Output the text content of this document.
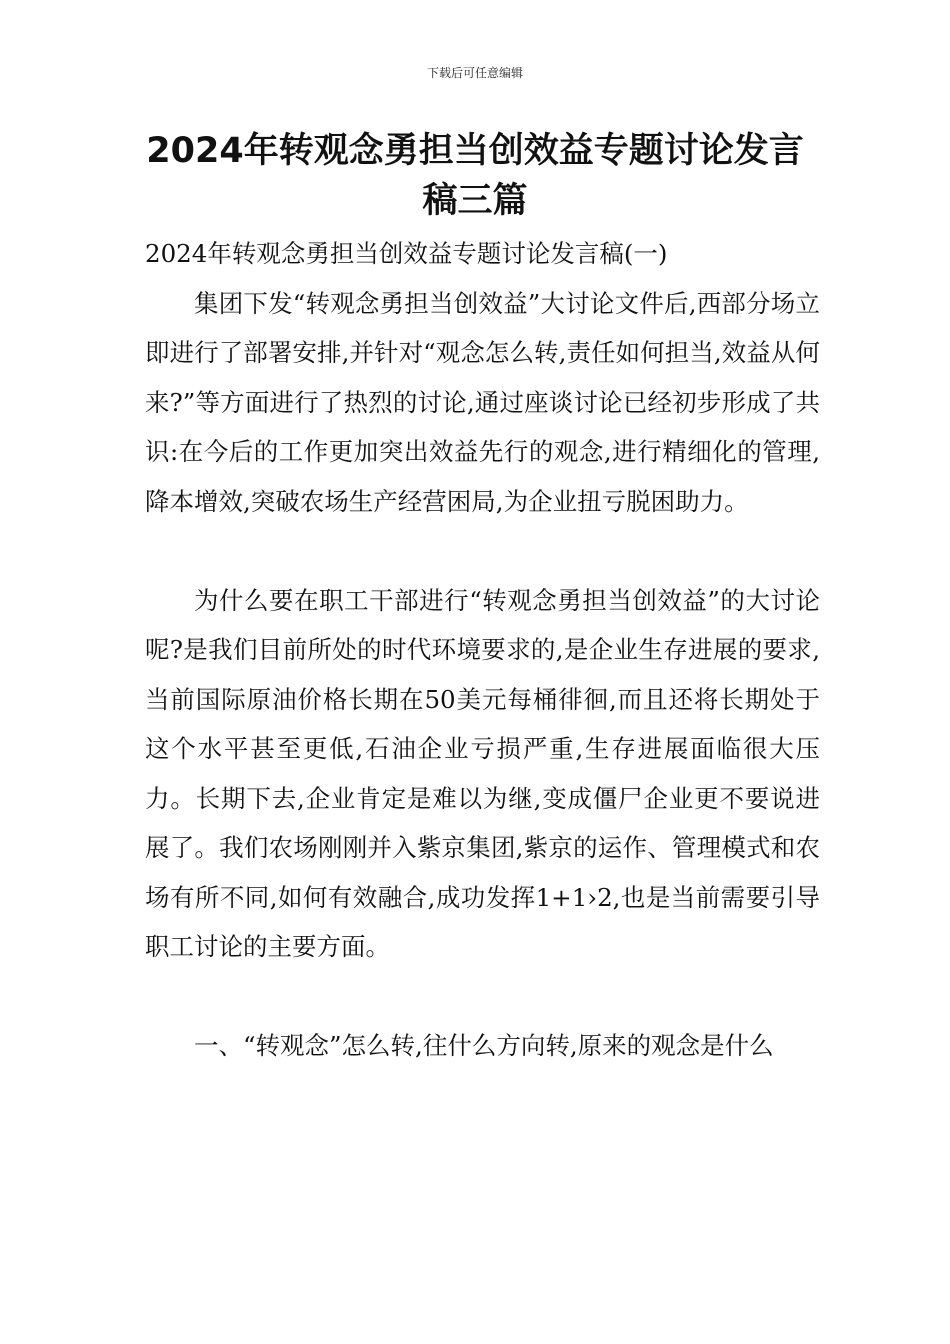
下载后可任意编辑
2024年转观念勇担当创效益专题讨论发言稿三篇

2024年转观念勇担当创效益专题讨论发言稿(一)

集团下发“转观念勇担当创效益”大讨论文件后,西部分场立即进行了部署安排,并针对“观念怎么转,责任如何担当,效益从何来?”等方面进行了热烈的讨论,通过座谈讨论已经初步形成了共识:在今后的工作更加突出效益先行的观念,进行精细化的管理,降本增效,突破农场生产经营困局,为企业扭亏脱困助力。

为什么要在职工干部进行“转观念勇担当创效益”的大讨论呢?是我们目前所处的时代环境要求的,是企业生存进展的要求,当前国际原油价格长期在50美元每桶徘徊,而且还将长期处于这个水平甚至更低,石油企业亏损严重,生存进展面临很大压力。长期下去,企业肯定是难以为继,变成僵尸企业更不要说进展了。我们农场刚刚并入紫京集团,紫京的运作、管理模式和农场有所不同,如何有效融合,成功发挥1+1›2,也是当前需要引导职工讨论的主要方面。

一、“转观念”怎么转,往什么方向转,原来的观念是什么
